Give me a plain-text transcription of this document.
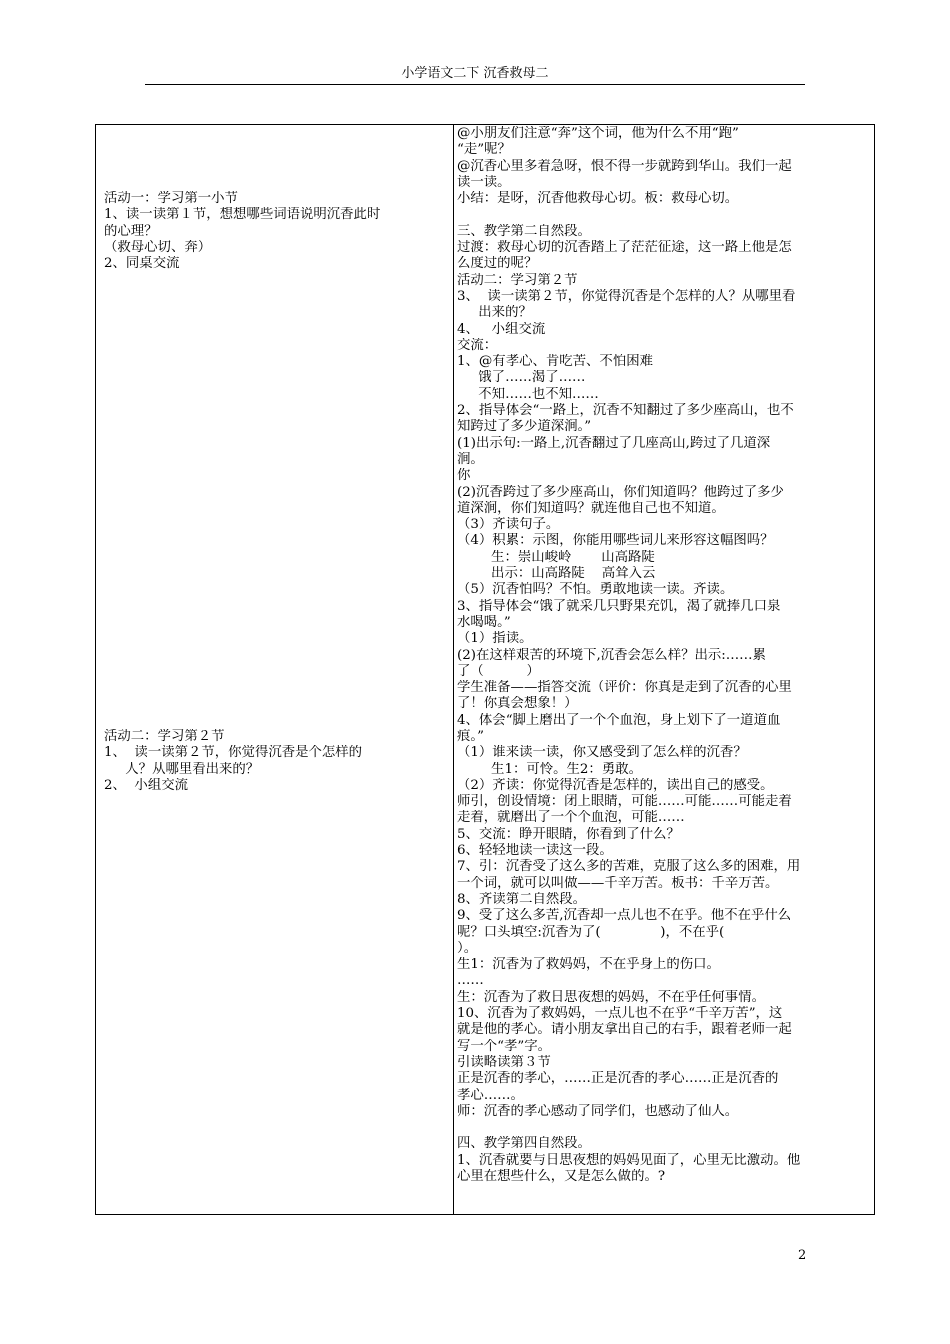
小学语文二下 沉香救母二
活动一：学习第一小节
1、读一读第１节，想想哪些词语说明沉香此时
的心理？
（救母心切、奔）
2、同桌交流
活动二：学习第２节
1、  读一读第２节，你觉得沉香是个怎样的
人？从哪里看出来的？
2、  小组交流
@小朋友们注意“奔”这个词，他为什么不用“跑”
“走”呢？
@沉香心里多着急呀，恨不得一步就跨到华山。我们一起
读一读。
小结：是呀，沉香他救母心切。板：救母心切。

三、教学第二自然段。
过渡：救母心切的沉香踏上了茫茫征途，这一路上他是怎
么度过的呢？
活动二：学习第２节
3、  读一读第２节，你觉得沉香是个怎样的人？从哪里看
出来的？
4、   小组交流
交流：
1、@有孝心、肯吃苦、不怕困难
饿了……渴了……
不知……也不知……
2、指导体会“一路上，沉香不知翻过了多少座高山，也不
知跨过了多少道深涧。”
(1)出示句:一路上,沉香翻过了几座高山,跨过了几道深
涧。
你
(2)沉香跨过了多少座高山，你们知道吗？他跨过了多少
道深涧，你们知道吗？就连他自己也不知道。
（3）齐读句子。
（4）积累：示图，你能用哪些词儿来形容这幅图吗？
生：崇山峻岭       山高路陡
出示：山高路陡    高耸入云
（5）沉香怕吗？不怕。勇敢地读一读。齐读。
3、指导体会“饿了就采几只野果充饥，渴了就捧几口泉
水喝喝。”
（1）指读。
(2)在这样艰苦的环境下,沉香会怎么样？出示:……累
了（          ）
学生准备——指答交流（评价：你真是走到了沉香的心里
了！你真会想象！）
4、体会“脚上磨出了一个个血泡，身上划下了一道道血
痕。”
（1）谁来读一读，你又感受到了怎么样的沉香？
生1：可怜。生2：勇敢。
（2）齐读：你觉得沉香是怎样的，读出自己的感受。
师引，创设情境：闭上眼睛，可能……可能……可能走着
走着，就磨出了一个个血泡，可能……
5、交流：睁开眼睛，你看到了什么？
6、轻轻地读一读这一段。
7、引：沉香受了这么多的苦难，克服了这么多的困难，用
一个词，就可以叫做——千辛万苦。板书：千辛万苦。
8、齐读第二自然段。
9、受了这么多苦,沉香却一点儿也不在乎。他不在乎什么
呢？口头填空:沉香为了(              )，不在乎(
）。
生1：沉香为了救妈妈，不在乎身上的伤口。
……
生：沉香为了救日思夜想的妈妈，不在乎任何事情。
10、沉香为了救妈妈，一点儿也不在乎“千辛万苦”，这
就是他的孝心。请小朋友拿出自己的右手，跟着老师一起
写一个“孝”字。
引读略读第３节
正是沉香的孝心，……正是沉香的孝心……正是沉香的
孝心……。
师：沉香的孝心感动了同学们，也感动了仙人。

四、教学第四自然段。
1、沉香就要与日思夜想的妈妈见面了，心里无比激动。他
心里在想些什么，又是怎么做的。?
2
